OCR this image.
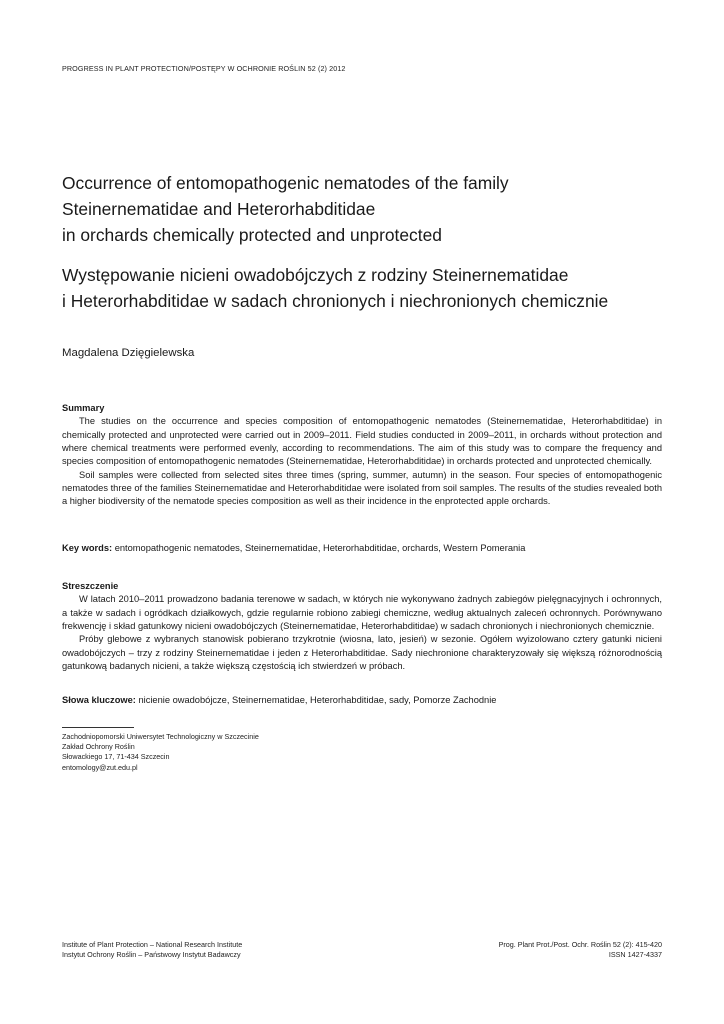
PROGRESS IN PLANT PROTECTION/POSTĘPY W OCHRONIE ROŚLIN 52 (2) 2012
Occurrence of entomopathogenic nematodes of the family
Steinernematidae and Heterorhabditidae
in orchards chemically protected and unprotected
Występowanie nicieni owadobójczych z rodziny Steinernematidae
i Heterorhabditidae w sadach chronionych i niechronionych chemicznie
Magdalena Dzięgielewska
Summary

The studies on the occurrence and species composition of entomopathogenic nematodes (Steinernematidae, Heterorhabditidae) in chemically protected and unprotected were carried out in 2009–2011. Field studies conducted in 2009–2011, in orchards without protection and where chemical treatments were performed evenly, according to recommendations. The aim of this study was to compare the frequency and species composition of entomopathogenic nematodes (Steinernematidae, Heterorhabditidae) in orchards protected and unprotected chemically.

Soil samples were collected from selected sites three times (spring, summer, autumn) in the season. Four species of entomopathogenic nematodes three of the families Steinernematidae and Heterorhabditidae were isolated from soil samples. The results of the studies revealed both a higher biodiversity of the nematode species composition as well as their incidence in the enprotected apple orchards.

Key words: entomopathogenic nematodes, Steinernematidae, Heterorhabditidae, orchards, Western Pomerania
Streszczenie

W latach 2010–2011 prowadzono badania terenowe w sadach, w których nie wykonywano żadnych zabiegów pielęgnacyjnych i ochronnych, a także w sadach i ogródkach działkowych, gdzie regularnie robiono zabiegi chemiczne, według aktualnych zaleceń ochronnych. Porównywano frekwencję i skład gatunkowy nicieni owadobójczych (Steinernematidae, Heterorhabditidae) w sadach chronionych i niechronionych chemicznie.

Próby glebowe z wybranych stanowisk pobierano trzykrotnie (wiosna, lato, jesień) w sezonie. Ogółem wyizolowano cztery gatunki nicieni owadobójczych – trzy z rodziny Steinernematidae i jeden z Heterorhabditidae. Sady niechronione charakteryzowały się większą różnorodnością gatunkową badanych nicieni, a także większą częstością ich stwierdzeń w próbach.

Słowa kluczowe: nicienie owadobójcze, Steinernematidae, Heterorhabditidae, sady, Pomorze Zachodnie
Zachodniopomorski Uniwersytet Technologiczny w Szczecinie
Zakład Ochrony Roślin
Słowackiego 17, 71-434 Szczecin
entomology@zut.edu.pl
Institute of Plant Protection – National Research Institute
Instytut Ochrony Roślin – Państwowy Instytut Badawczy
Prog. Plant Prot./Post. Ochr. Roślin 52 (2): 415-420
ISSN 1427-4337
